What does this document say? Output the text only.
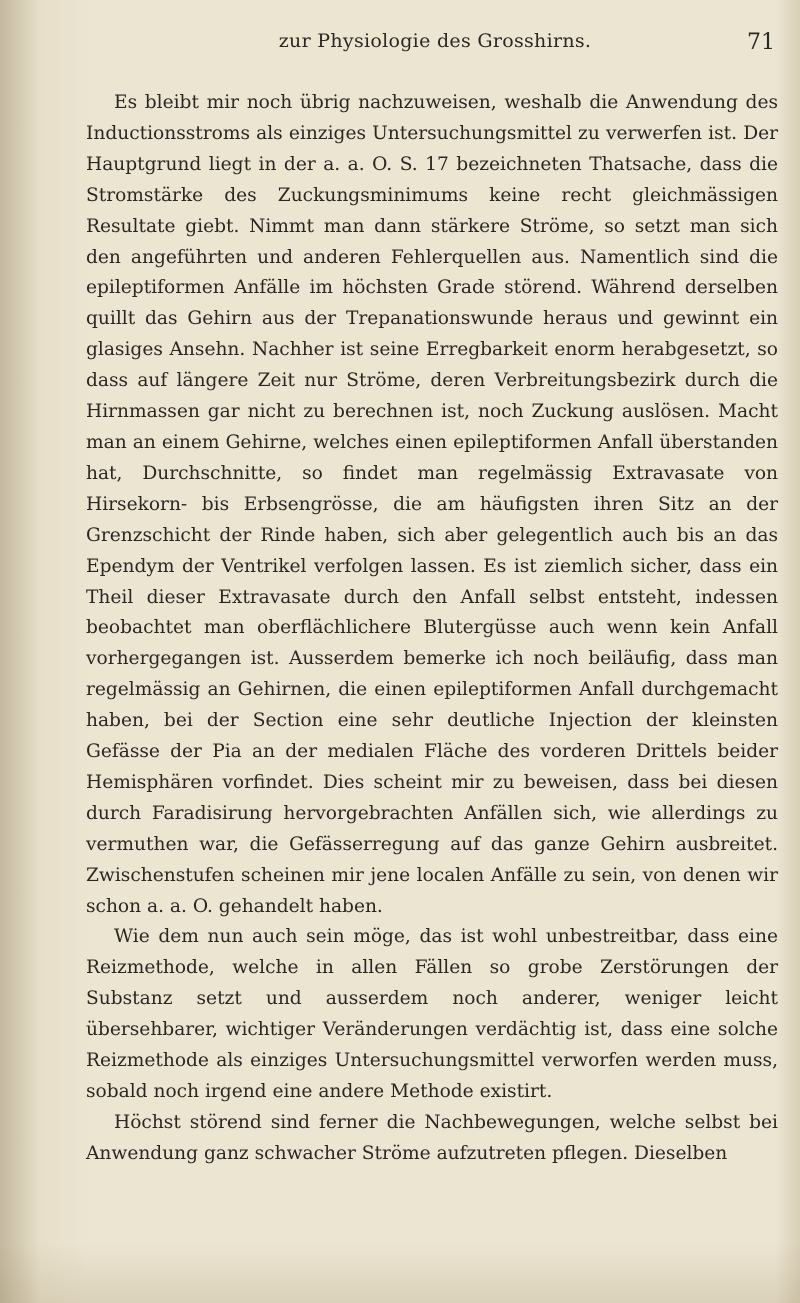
zur Physiologie des Grosshirns.	71

Es bleibt mir noch übrig nachzuweisen, weshalb die Anwendung des Inductionsstroms als einziges Untersuchungsmittel zu verwerfen ist. Der Hauptgrund liegt in der a. a. O. S. 17 bezeichneten Thatsache, dass die Stromstärke des Zuckungsminimums keine recht gleichmässigen Resultate giebt. Nimmt man dann stärkere Ströme, so setzt man sich den angeführten und anderen Fehlerquellen aus. Namentlich sind die epileptiformen Anfälle im höchsten Grade störend. Während derselben quillt das Gehirn aus der Trepanationswunde heraus und gewinnt ein glasiges Ansehn. Nachher ist seine Erregbarkeit enorm herabgesetzt, so dass auf längere Zeit nur Ströme, deren Verbreitungsbezirk durch die Hirnmassen gar nicht zu berechnen ist, noch Zuckung auslösen. Macht man an einem Gehirne, welches einen epileptiformen Anfall überstanden hat, Durchschnitte, so findet man regelmässig Extravasate von Hirsekorn- bis Erbsengrösse, die am häufigsten ihren Sitz an der Grenzschicht der Rinde haben, sich aber gelegentlich auch bis an das Ependym der Ventrikel verfolgen lassen. Es ist ziemlich sicher, dass ein Theil dieser Extravasate durch den Anfall selbst entsteht, indessen beobachtet man oberflächlichere Blutergüsse auch wenn kein Anfall vorhergegangen ist. Ausserdem bemerke ich noch beiläufig, dass man regelmässig an Gehirnen, die einen epileptiformen Anfall durchgemacht haben, bei der Section eine sehr deutliche Injection der kleinsten Gefässe der Pia an der medialen Fläche des vorderen Drittels beider Hemisphären vorfindet. Dies scheint mir zu beweisen, dass bei diesen durch Faradisirung hervorgebrachten Anfällen sich, wie allerdings zu vermuthen war, die Gefässerregung auf das ganze Gehirn ausbreitet. Zwischenstufen scheinen mir jene localen Anfälle zu sein, von denen wir schon a. a. O. gehandelt haben.

Wie dem nun auch sein möge, das ist wohl unbestreitbar, dass eine Reizmethode, welche in allen Fällen so grobe Zerstörungen der Substanz setzt und ausserdem noch anderer, weniger leicht übersehbarer, wichtiger Veränderungen verdächtig ist, dass eine solche Reizmethode als einziges Untersuchungsmittel verworfen werden muss, sobald noch irgend eine andere Methode existirt.

Höchst störend sind ferner die Nachbewegungen, welche selbst bei Anwendung ganz schwacher Ströme aufzutreten pflegen. Dieselben
